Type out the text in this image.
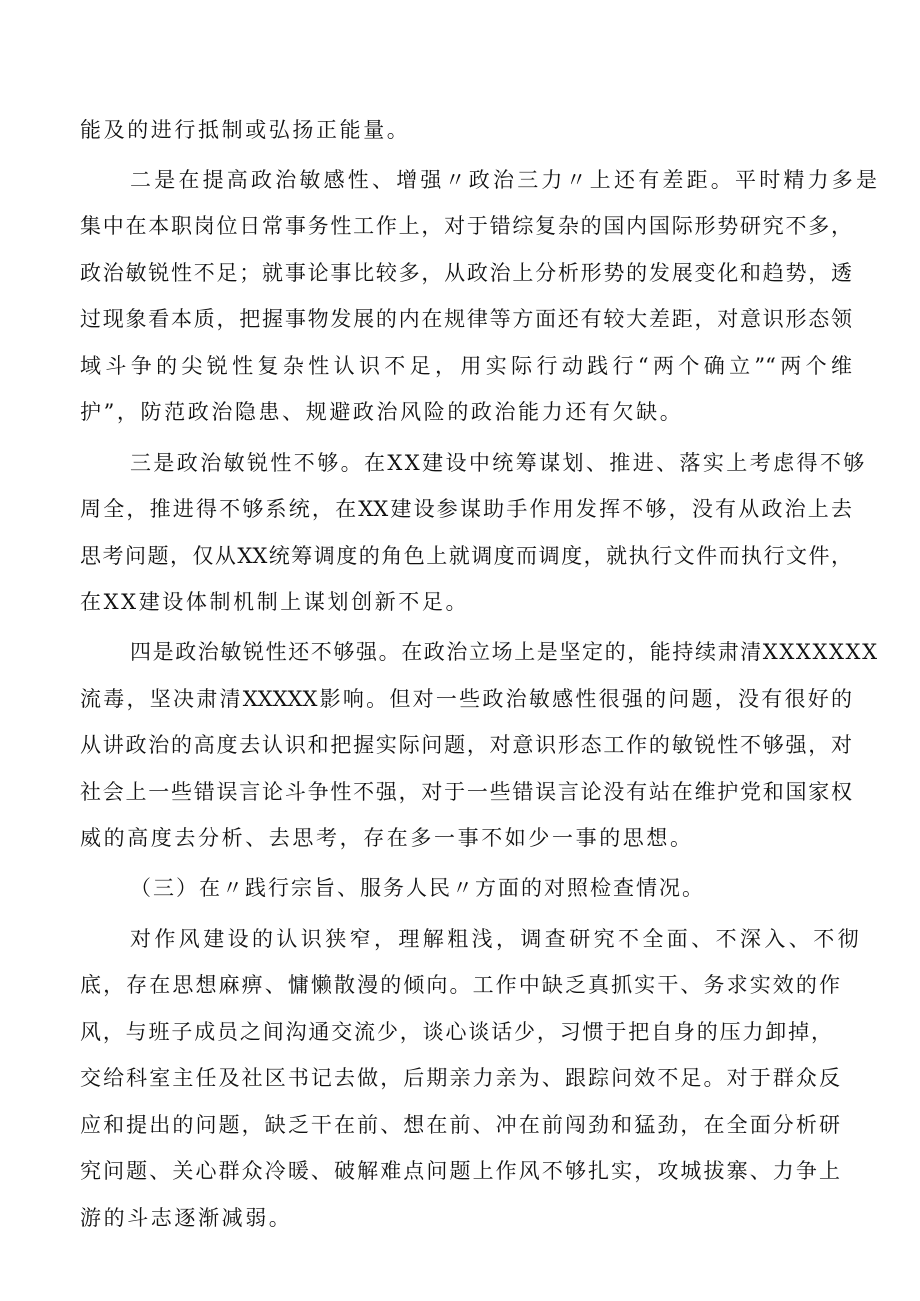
能及的进行抵制或弘扬正能量。
二是在提高政治敏感性、增强〃政治三力〃上还有差距。平时精力多是
集中在本职岗位日常事务性工作上，对于错综复杂的国内国际形势研究不多，
政治敏锐性不足；就事论事比较多，从政治上分析形势的发展变化和趋势，透
过现象看本质，把握事物发展的内在规律等方面还有较大差距，对意识形态领
域斗争的尖锐性复杂性认识不足，用实际行动践行“两个确立”“两个维
护”，防范政治隐患、规避政治风险的政治能力还有欠缺。
三是政治敏锐性不够。在XX建设中统筹谋划、推进、落实上考虑得不够
周全，推进得不够系统，在XX建设参谋助手作用发挥不够，没有从政治上去
思考问题，仅从XX统筹调度的角色上就调度而调度，就执行文件而执行文件，
在XX建设体制机制上谋划创新不足。
四是政治敏锐性还不够强。在政治立场上是坚定的，能持续肃清XXXXXXX
流毒，坚决肃清XXXXX影响。但对一些政治敏感性很强的问题，没有很好的
从讲政治的高度去认识和把握实际问题，对意识形态工作的敏锐性不够强，对
社会上一些错误言论斗争性不强，对于一些错误言论没有站在维护党和国家权
威的高度去分析、去思考，存在多一事不如少一事的思想。
（三）在〃践行宗旨、服务人民〃方面的对照检查情况。
对作风建设的认识狭窄，理解粗浅，调查研究不全面、不深入、不彻
底，存在思想麻痹、慵懒散漫的倾向。工作中缺乏真抓实干、务求实效的作
风，与班子成员之间沟通交流少，谈心谈话少，习惯于把自身的压力卸掉，
交给科室主任及社区书记去做，后期亲力亲为、跟踪问效不足。对于群众反
应和提出的问题，缺乏干在前、想在前、冲在前闯劲和猛劲，在全面分析研
究问题、关心群众冷暖、破解难点问题上作风不够扎实，攻城拔寨、力争上
游的斗志逐渐减弱。
